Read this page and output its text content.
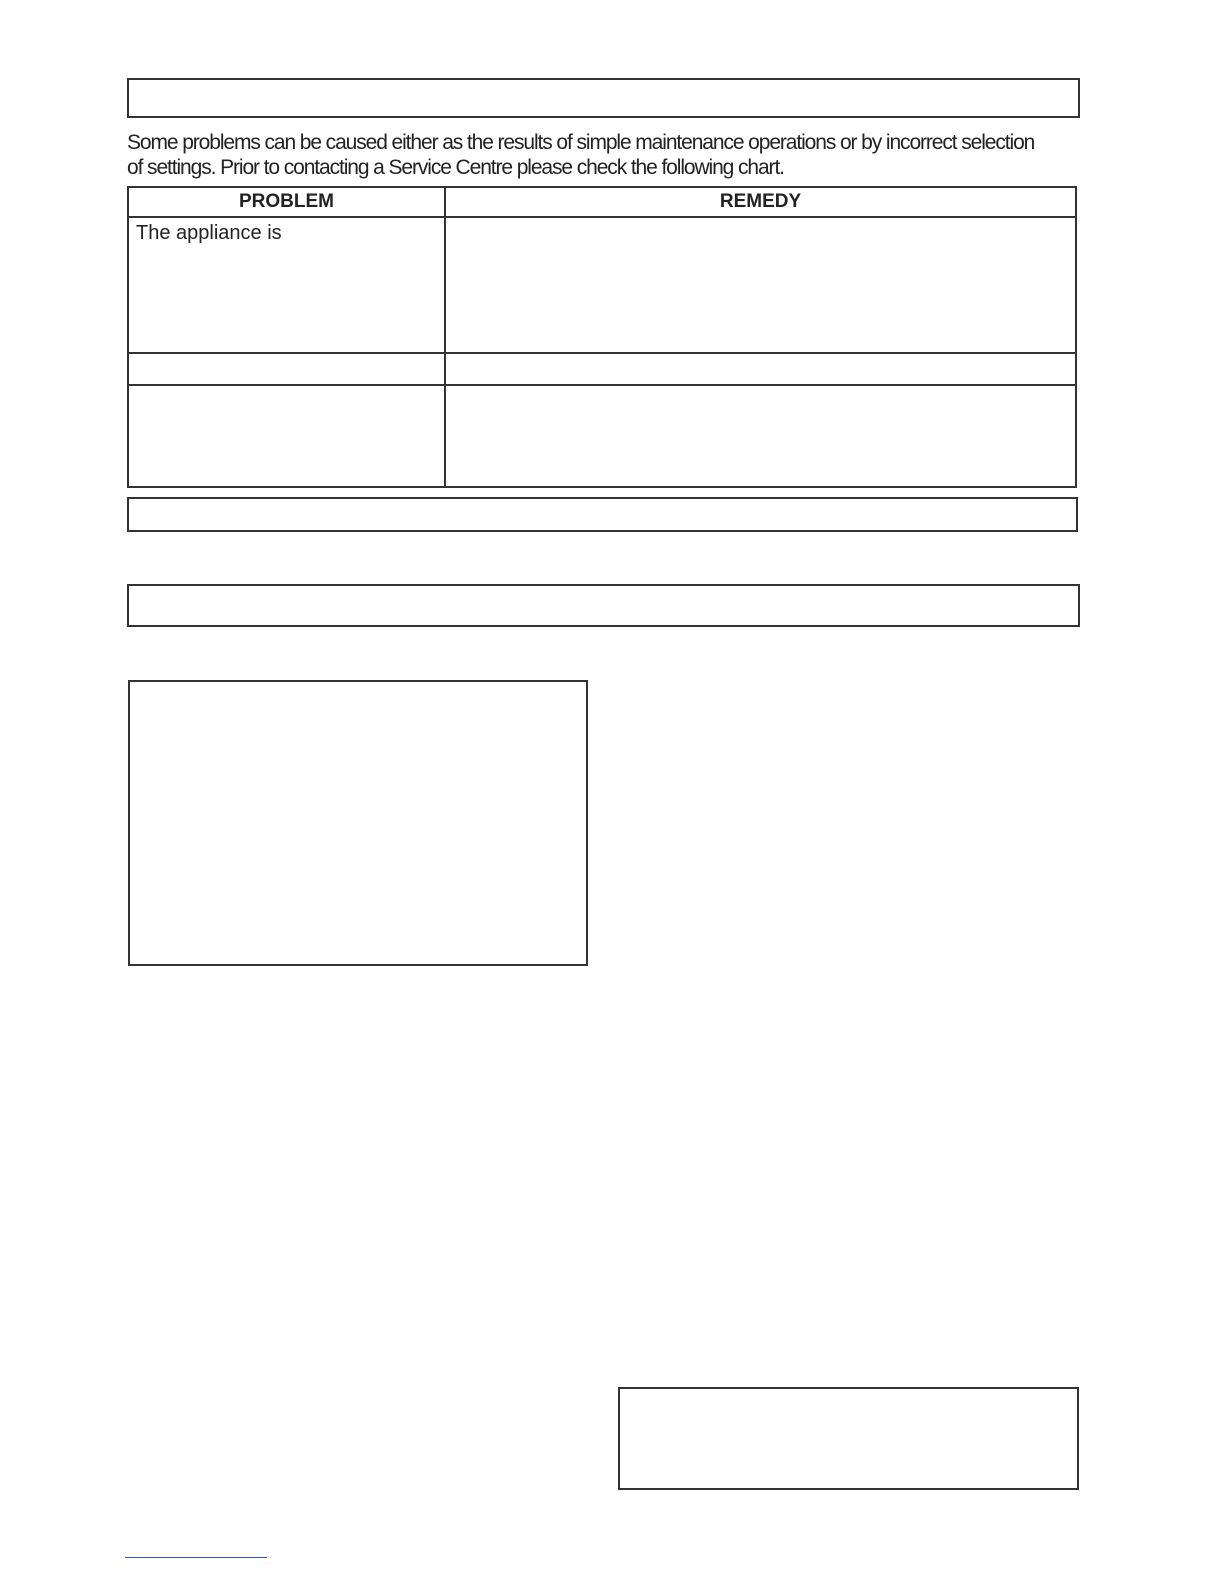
Some problems can be caused either as the results of simple maintenance operations or by incorrect selection
of settings. Prior to contacting a Service Centre please check the following chart.
PROBLEM	REMEDY
The appliance is	
